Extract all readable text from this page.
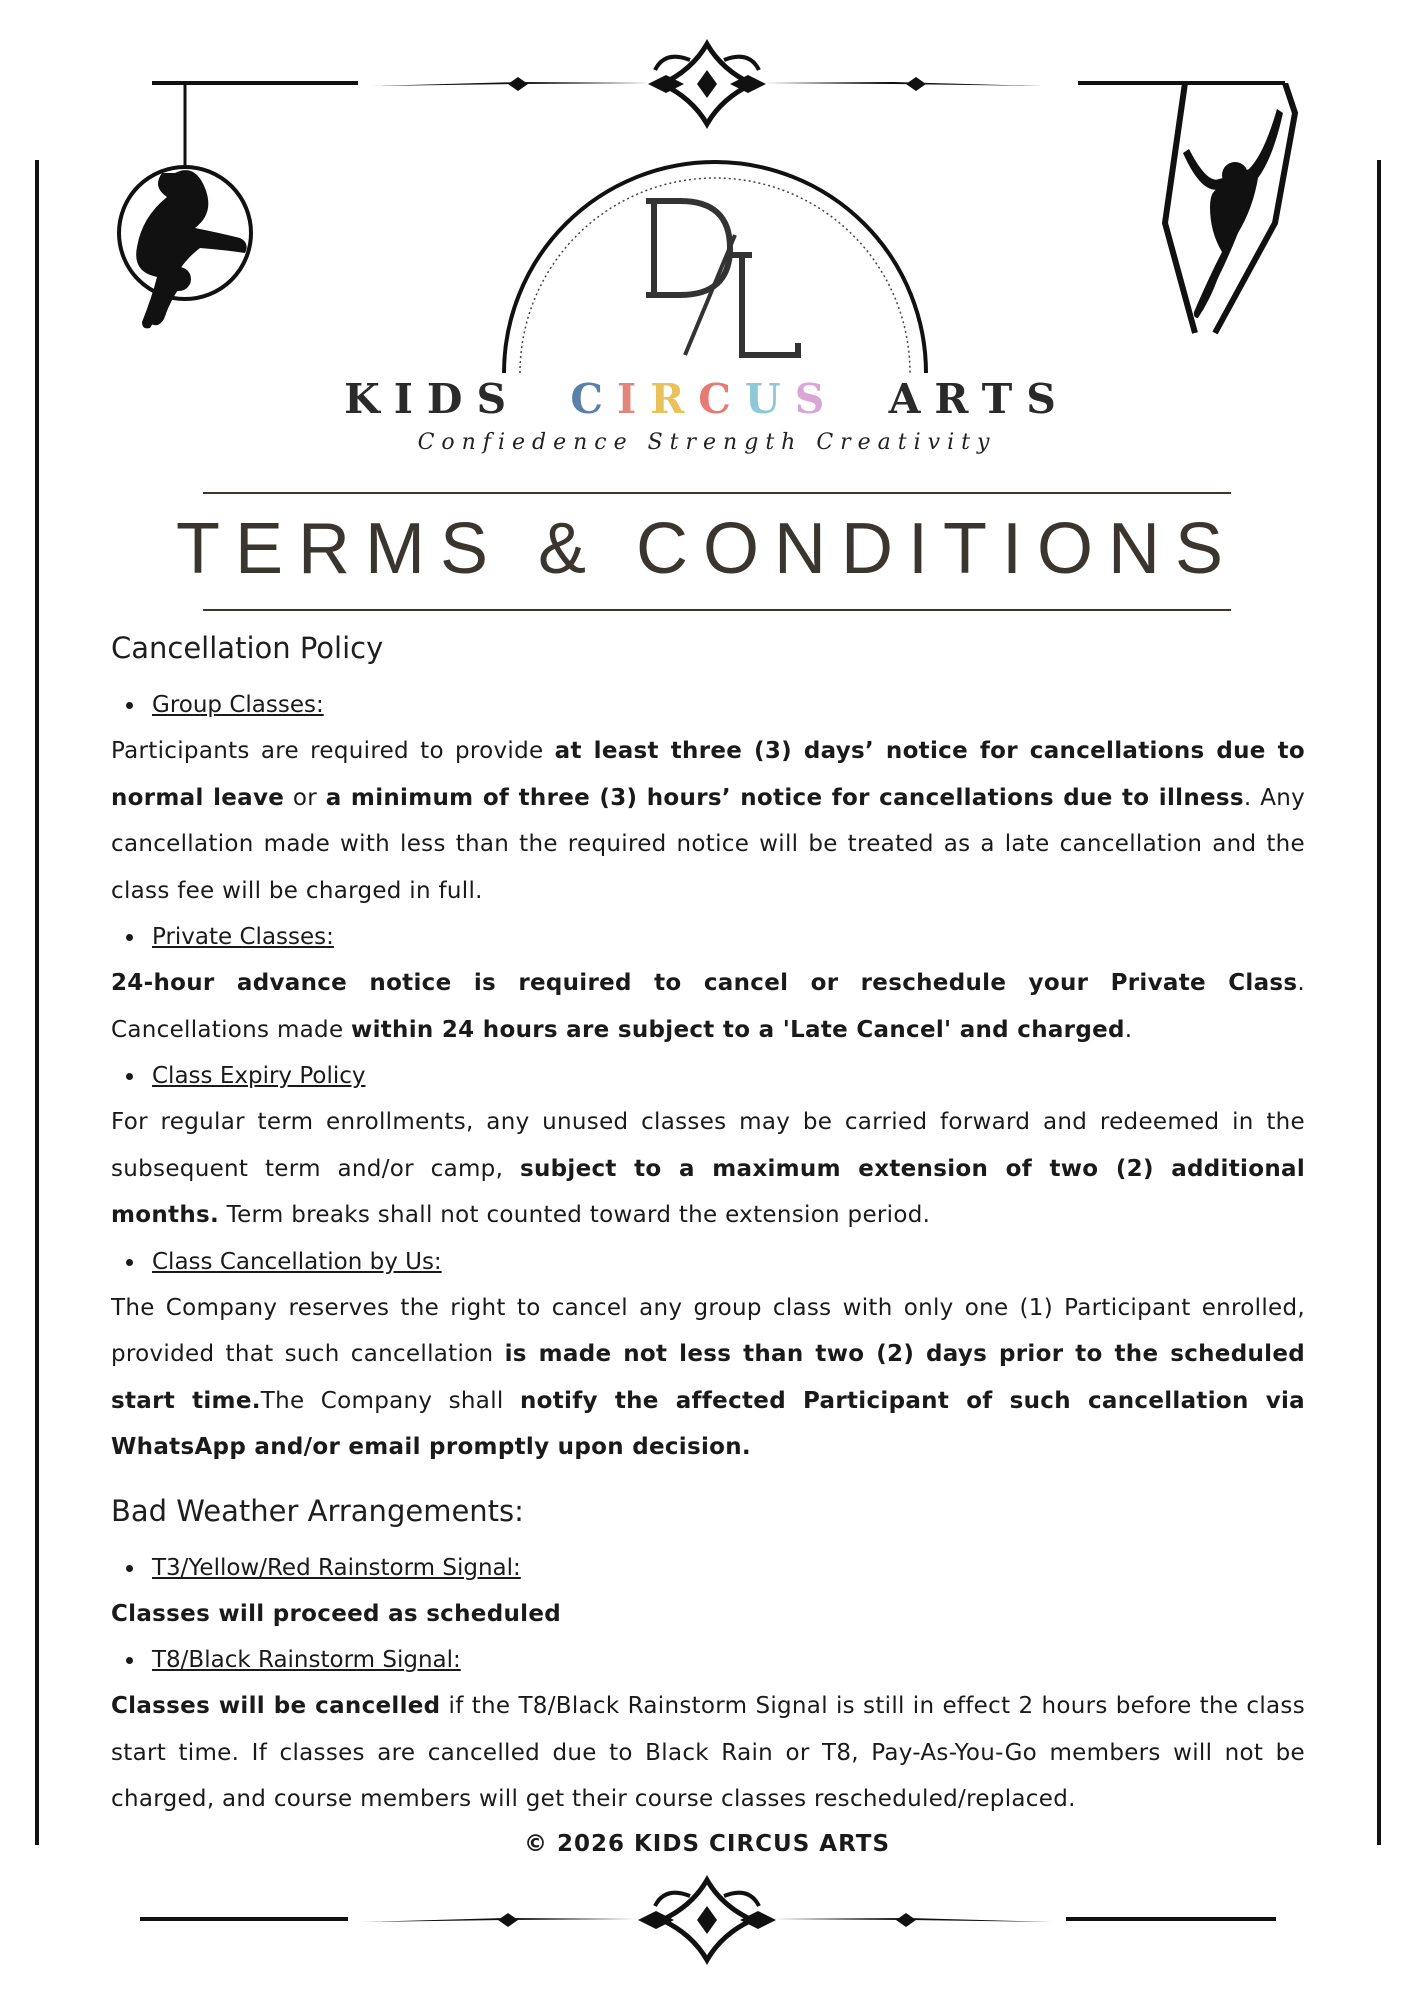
KIDS CIRCUS ARTS
Confiedence Strength Creativity
TERMS & CONDITIONS
Cancellation Policy
Group Classes:

Participants are required to provide at least three (3) days’ notice for cancellations due to normal leave or a minimum of three (3) hours’ notice for cancellations due to illness. Any cancellation made with less than the required notice will be treated as a late cancellation and the class fee will be charged in full.

Private Classes:

24-hour advance notice is required to cancel or reschedule your Private Class. Cancellations made within 24 hours are subject to a 'Late Cancel' and charged.

Class Expiry Policy

For regular term enrollments, any unused classes may be carried forward and redeemed in the subsequent term and/or camp, subject to a maximum extension of two (2) additional months. Term breaks shall not counted toward the extension period.

Class Cancellation by Us:

The Company reserves the right to cancel any group class with only one (1) Participant enrolled, provided that such cancellation is made not less than two (2) days prior to the scheduled start time.The Company shall notify the affected Participant of such cancellation via WhatsApp and/or email promptly upon decision.

Bad Weather Arrangements:
T3/Yellow/Red Rainstorm Signal:

Classes will proceed as scheduled

T8/Black Rainstorm Signal:

Classes will be cancelled if the T8/Black Rainstorm Signal is still in effect 2 hours before the class start time. If classes are cancelled due to Black Rain or T8, Pay-As-You-Go members will not be charged, and course members will get their course classes rescheduled/replaced.

© 2026 KIDS CIRCUS ARTS
